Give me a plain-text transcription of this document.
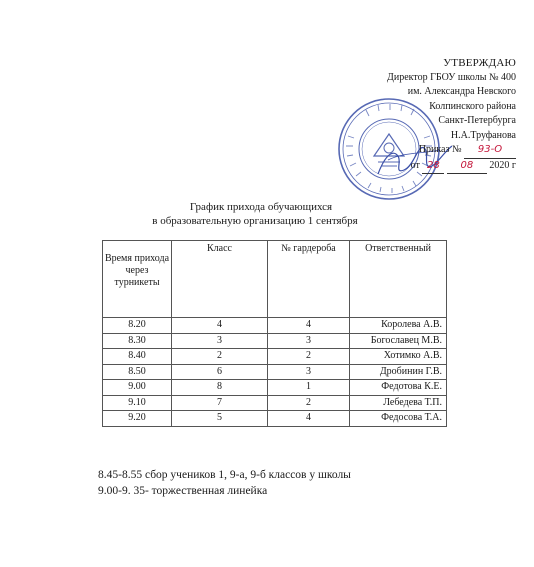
УТВЕРЖДАЮ
Директор ГБОУ школы № 400
им. Александра Невского
Колпинского района
Санкт-Петербурга
Н.А.Труфанова
Приказ № 93-О
от 28 08 2020 г
График прихода обучающихся
в образовательную организацию 1 сентября
Время прихода через турникеты	Класс	№ гардероба	Ответственный
8.20	4	4	Королева А.В.
8.30	3	3	Богославец М.В.
8.40	2	2	Хотимко А.В.
8.50	6	3	Дробинин Г.В.
9.00	8	1	Федотова К.Е.
9.10	7	2	Лебедева Т.П.
9.20	5	4	Федосова Т.А.
8.45-8.55 сбор учеников 1, 9-а, 9-б классов у школы
9.00-9. 35- торжественная линейка
